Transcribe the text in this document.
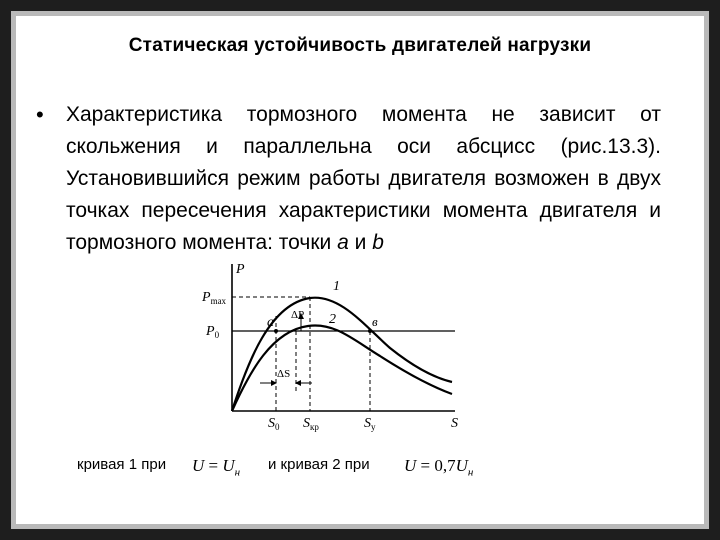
Статическая устойчивость двигателей нагрузки
• Характеристика тормозного момента не зависит от скольжения и параллельна оси абсцисс (рис.13.3). Установившийся режим работы двигателя возможен в двух точках пересечения характеристики момента двигателя и тормозного момента: точки а и b
P
$P_{max}$
$P_0$
1
2
а	в
ΔP
ΔS
$S_0$ $S_{кр}$	$S_у$	S
кривая 1 при $U = U_н$ и кривая 2 при $U = 0,7U_н$
